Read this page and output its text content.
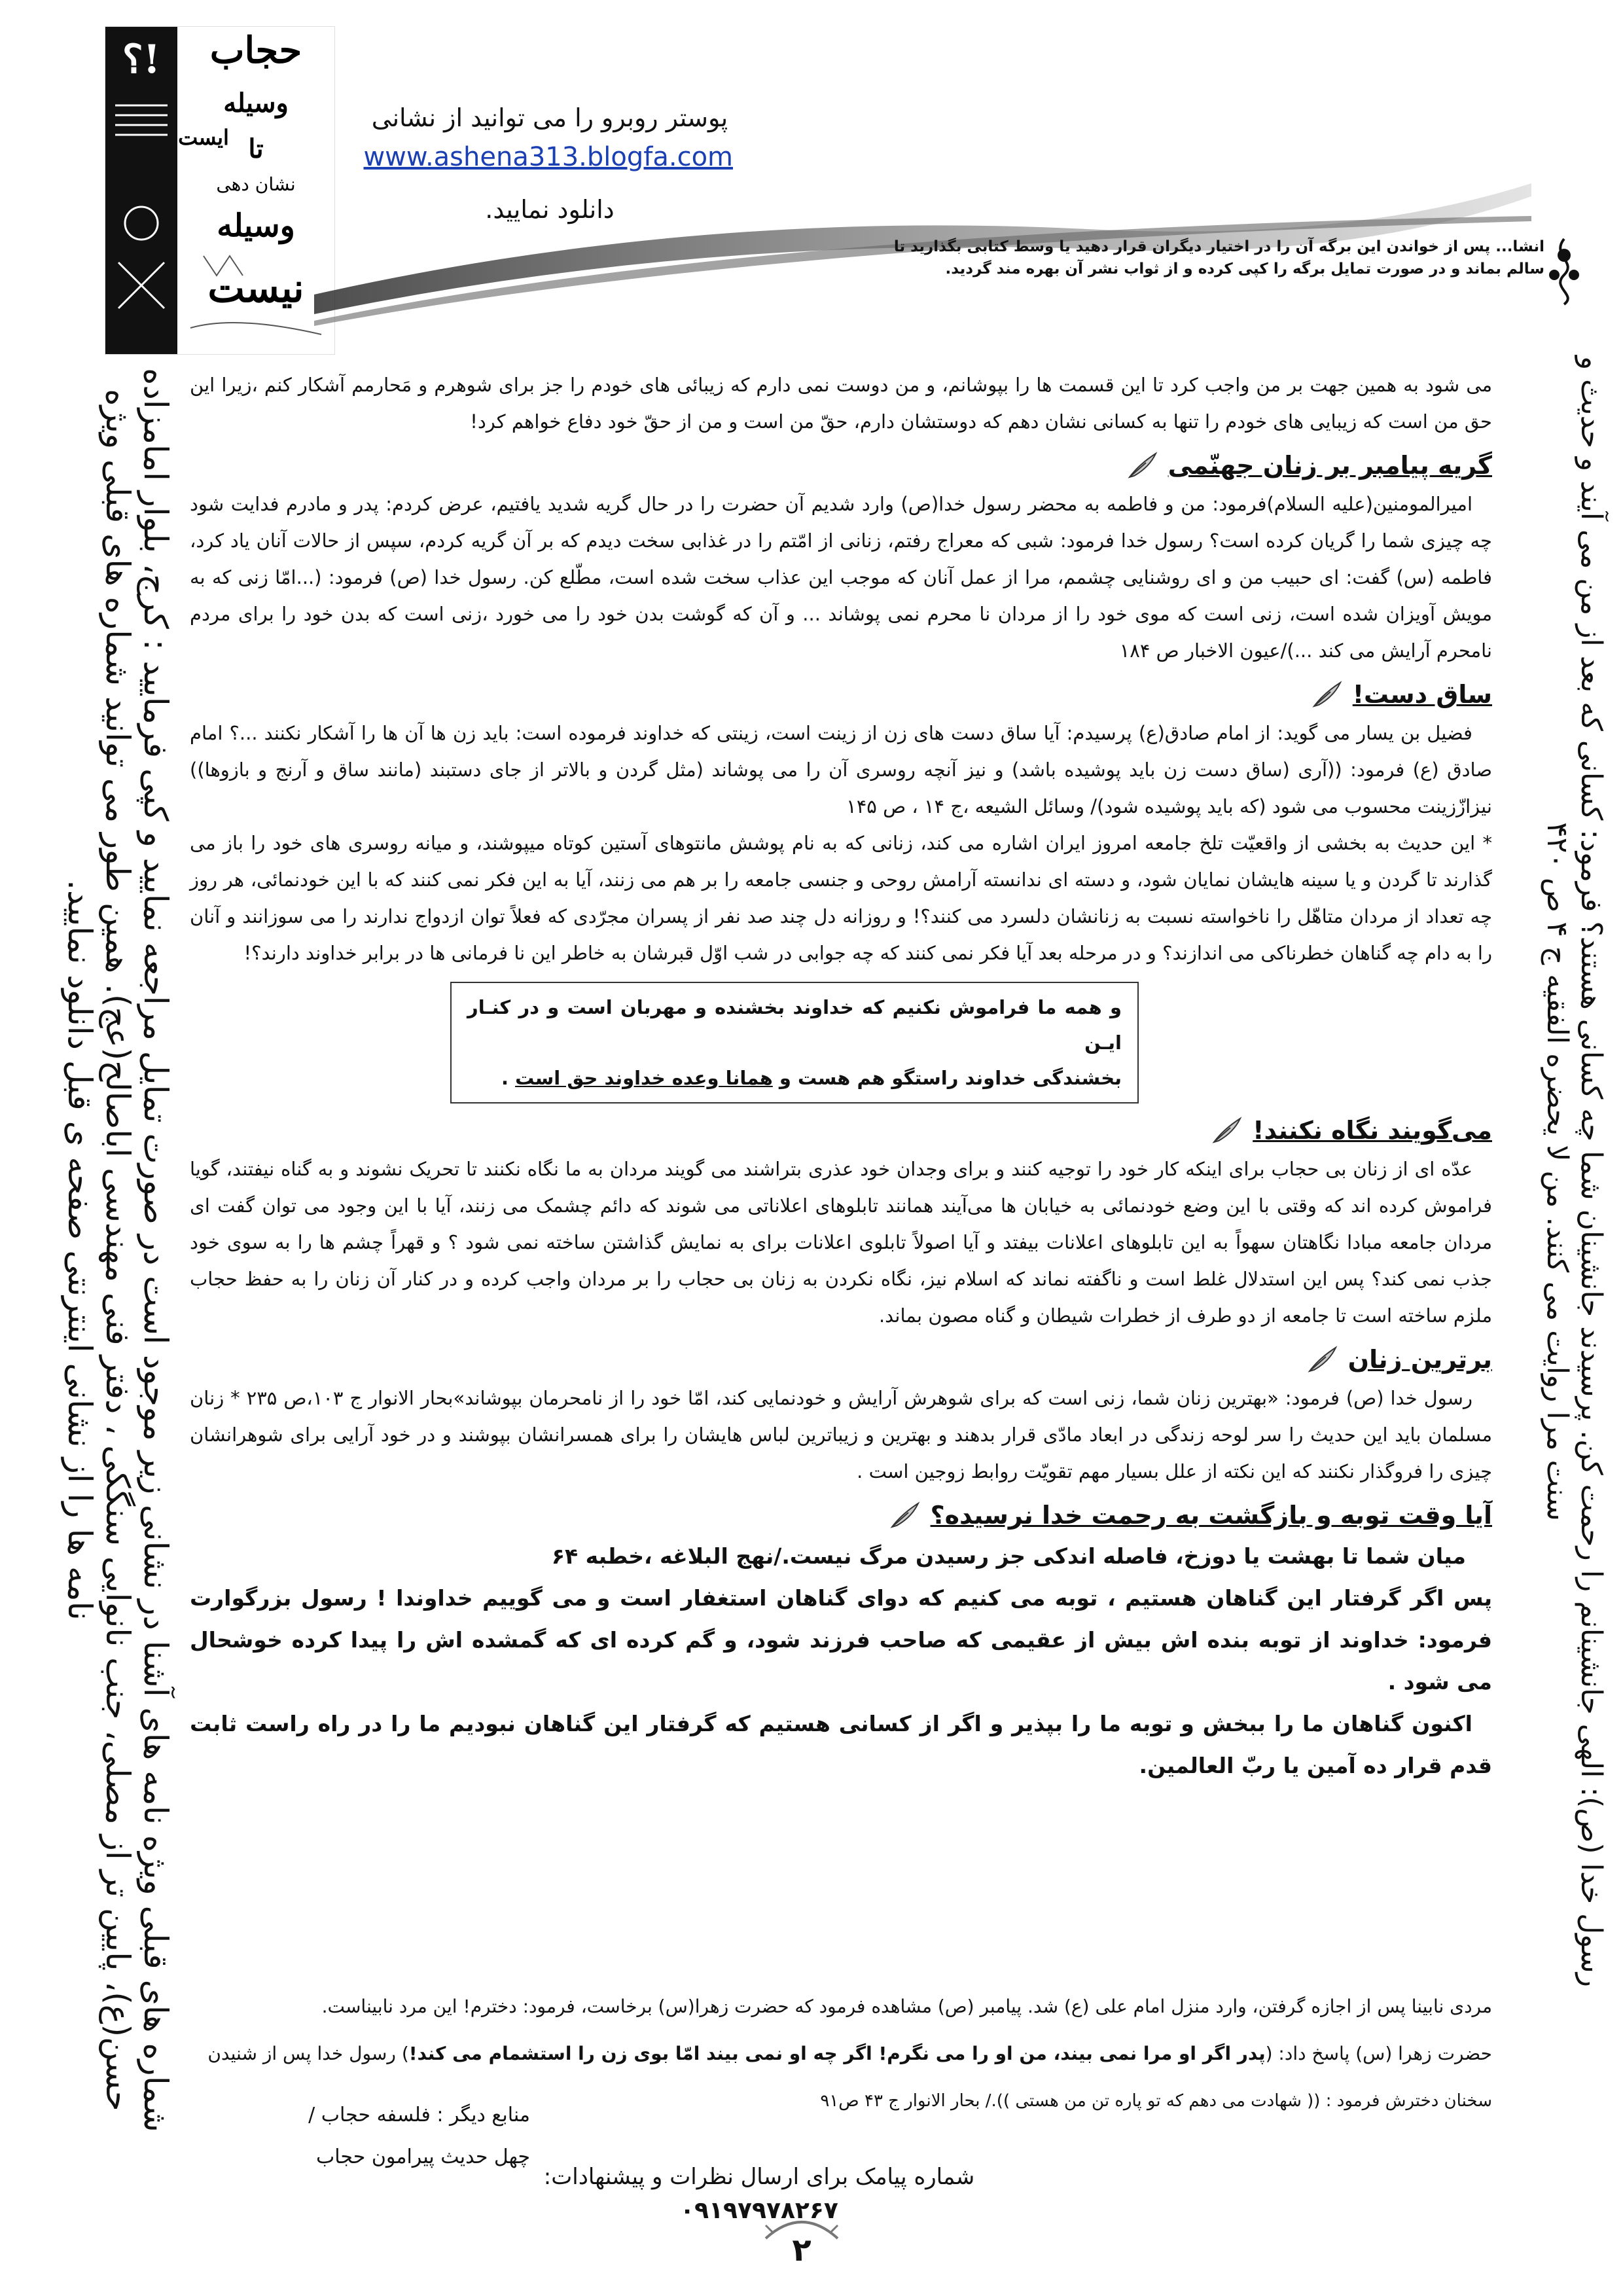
؟! حجاب
وسیله
ایست تا
نشان دهی
وسیله
نیست
پوستر روبرو را می توانید از نشانی
www.ashena313.blogfa.com
دانلود نمایید.
انشا... پس از خواندن این برگه آن را در اختیار دیگران قرار دهید یا وسط کتابی بگذارید تا سالم بماند و در صورت تمایل برگه را کپی کرده و از ثواب نشر آن بهره مند گردید.
شماره های قبلی ویژه نامه های آشنا در نشانی زیر موجود است در صورت تمایل مراجعه نمایید و کپی فرمایید : کرج، بلوار امامزاده حسن(ع)، پایین تر از مصلی، جنب نانوایی سنگکی ، دفتر فنی مهندسی اباصالح(عج). همین طور می توانید شماره های قبلی ویژه نامه ها را از نشانی اینترنتی صفحه ی قبل دانلود نمایید.	رسول خدا (ص): الهی جانشینانم را رحمت کن. پرسیدند جانشینان شما چه کسانی هستند؟ فرمود: کسانی که بعد از من می آیند و حدیث و سنت مرا روایت می کنند. من لا یحضره الفقیه ج ۴ ص ۴۲۰

می شود به همین جهت بر من واجب کرد تا این قسمت ها را بپوشانم، و من دوست نمی دارم که زیبائی های خودم را جز برای شوهرم و مَحارمم آشکار کنم ،زیرا این حق من است که زیبایی های خودم را تنها به کسانی نشان دهم که دوستشان دارم، حقّ من است و من از حقّ خود دفاع خواهم کرد!

گریه پیامبر بر زنان جهنّمی

امیرالمومنین(علیه السلام)فرمود: من و فاطمه به محضر رسول خدا(ص) وارد شدیم آن حضرت را در حال گریه شدید یافتیم، عرض کردم: پدر و مادرم فدایت شود چه چیزی شما را گریان کرده است؟ رسول خدا فرمود: شبی که معراج رفتم، زنانی از امّتم را در غذابی سخت دیدم که بر آن گریه کردم، سپس از حالات آنان یاد کرد، فاطمه (س) گفت: ای حبیب من و ای روشنایی چشمم، مرا از عمل آنان که موجب این عذاب سخت شده است، مطّلع کن. رسول خدا (ص) فرمود: (...امّا زنی که به مویش آویزان شده است، زنی است که موی خود را از مردان نا محرم نمی پوشاند ... و آن که گوشت بدن خود را می خورد ،زنی است که بدن خود را برای مردم نامحرم آرایش می کند ...)/عیون الاخبار ص ۱۸۴

ساق دست!

فضیل بن یسار می گوید: از امام صادق(ع) پرسیدم: آیا ساق دست های زن از زینت است، زینتی که خداوند فرموده است: باید زن ها آن ها را آشکار نکنند ...؟ امام صادق (ع) فرمود: ((آری (ساق دست زن باید پوشیده باشد) و نیز آنچه روسری آن را می پوشاند (مثل گردن و بالاتر از جای دستبند (مانند ساق و آرنج و بازوها)) نیزازّزینت محسوب می شود (که باید پوشیده شود)/ وسائل الشیعه ،ج ۱۴ ، ص ۱۴۵

* این حدیث به بخشی از واقعیّت تلخ جامعه امروز ایران اشاره می کند، زنانی که به نام پوشش مانتوهای آستین کوتاه میپوشند، و میانه روسری های خود را باز می گذارند تا گردن و یا سینه هایشان نمایان شود، و دسته ای ندانسته آرامش روحی و جنسی جامعه را بر هم می زنند، آیا به این فکر نمی کنند که با این خودنمائی، هر روز چه تعداد از مردان متاهّل را ناخواسته نسبت به زنانشان دلسرد می کنند؟! و روزانه دل چند صد نفر از پسران مجرّدی که فعلاً توان ازدواج ندارند را می سوزانند و آنان را به دام چه گناهان خطرناکی می اندازند؟ و در مرحله بعد آیا فکر نمی کنند که چه جوابی در شب اوّل قبرشان به خاطر این نا فرمانی ها در برابر خداوند دارند؟!

و همه ما فراموش نکنیم که خداوند بخشنده و مهربان است و در کنـار ایـن
بخشندگی خداوند راستگو هم هست و همانا وعده خداوند حق است .
می‌گویند نگاه نکنند!

عدّه ای از زنان بی حجاب برای اینکه کار خود را توجیه کنند و برای وجدان خود عذری بتراشند می گویند مردان به ما نگاه نکنند تا تحریک نشوند و به گناه نیفتند، گویا فراموش کرده اند که وقتی با این وضع خودنمائی به خیابان ها می‌آیند همانند تابلوهای اعلاناتی می شوند که دائم چشمک می زنند، آیا با این وجود می توان گفت ای مردان جامعه مبادا نگاهتان سهواً به این تابلوهای اعلانات بیفتد و آیا اصولاً تابلوی اعلانات برای به نمایش گذاشتن ساخته نمی شود ؟ و قهراً چشم ها را به سوی خود جذب نمی کند؟ پس این استدلال غلط است و ناگفته نماند که اسلام نیز، نگاه نکردن به زنان بی حجاب را بر مردان واجب کرده و در کنار آن زنان را به حفظ حجاب ملزم ساخته است تا جامعه از دو طرف از خطرات شیطان و گناه مصون بماند.

برترین زنان

رسول خدا (ص) فرمود: «بهترین زنان شما، زنی است که برای شوهرش آرایش و خودنمایی کند، امّا خود را از نامحرمان بپوشاند»بحار الانوار ج ۱۰۳،ص ۲۳۵ * زنان مسلمان باید این حدیث را سر لوحه زندگی در ابعاد مادّی قرار بدهند و بهترین و زیباترین لباس هایشان را برای همسرانشان بپوشند و در خود آرایی برای شوهرانشان چیزی را فروگذار نکنند که این نکته از علل بسیار مهم تقویّت روابط زوجین است .

آیا وقت توبه و بازگشت به رحمت خدا نرسیده؟

میان شما تا بهشت یا دوزخ، فاصله اندکی جز رسیدن مرگ نیست./نهج البلاغه ،خطبه ۶۴

پس اگر گرفتار این گناهان هستیم ، توبه می کنیم که دوای گناهان استغفار است و می گوییم خداوندا ! رسول بزرگوارت فرمود: خداوند از توبه بنده اش بیش از عقیمی که صاحب فرزند شود، و گم کرده ای که گمشده اش را پیدا کرده خوشحال می شود .

اکنون گناهان ما را ببخش و توبه ما را بپذیر و اگر از کسانی هستیم که گرفتار این گناهان نبودیم ما را در راه راست ثابت قدم قرار ده آمین یا ربّ العالمین.

مردی نابینا پس از اجازه گرفتن، وارد منزل امام علی (ع) شد. پیامبر (ص) مشاهده فرمود که حضرت زهرا(س) برخاست، فرمود: دخترم! این مرد نابیناست.

حضرت زهرا (س) پاسخ داد: (پدر اگر او مرا نمی بیند، من او را می نگرم! اگر چه او نمی بیند امّا بوی زن را استشمام می کند!) رسول خدا پس از شنیدن

سخنان دخترش فرمود : (( شهادت می دهم که تو پاره تن من هستی ))./ بحار الانوار ج ۴۳ ص۹۱

منابع دیگر : فلسفه حجاب /
چهل حدیث پیرامون حجاب
شماره پیامک برای ارسال نظرات و پیشنهادات:
۰۹۱۹۷۹۷۸۲۶۷
۲
